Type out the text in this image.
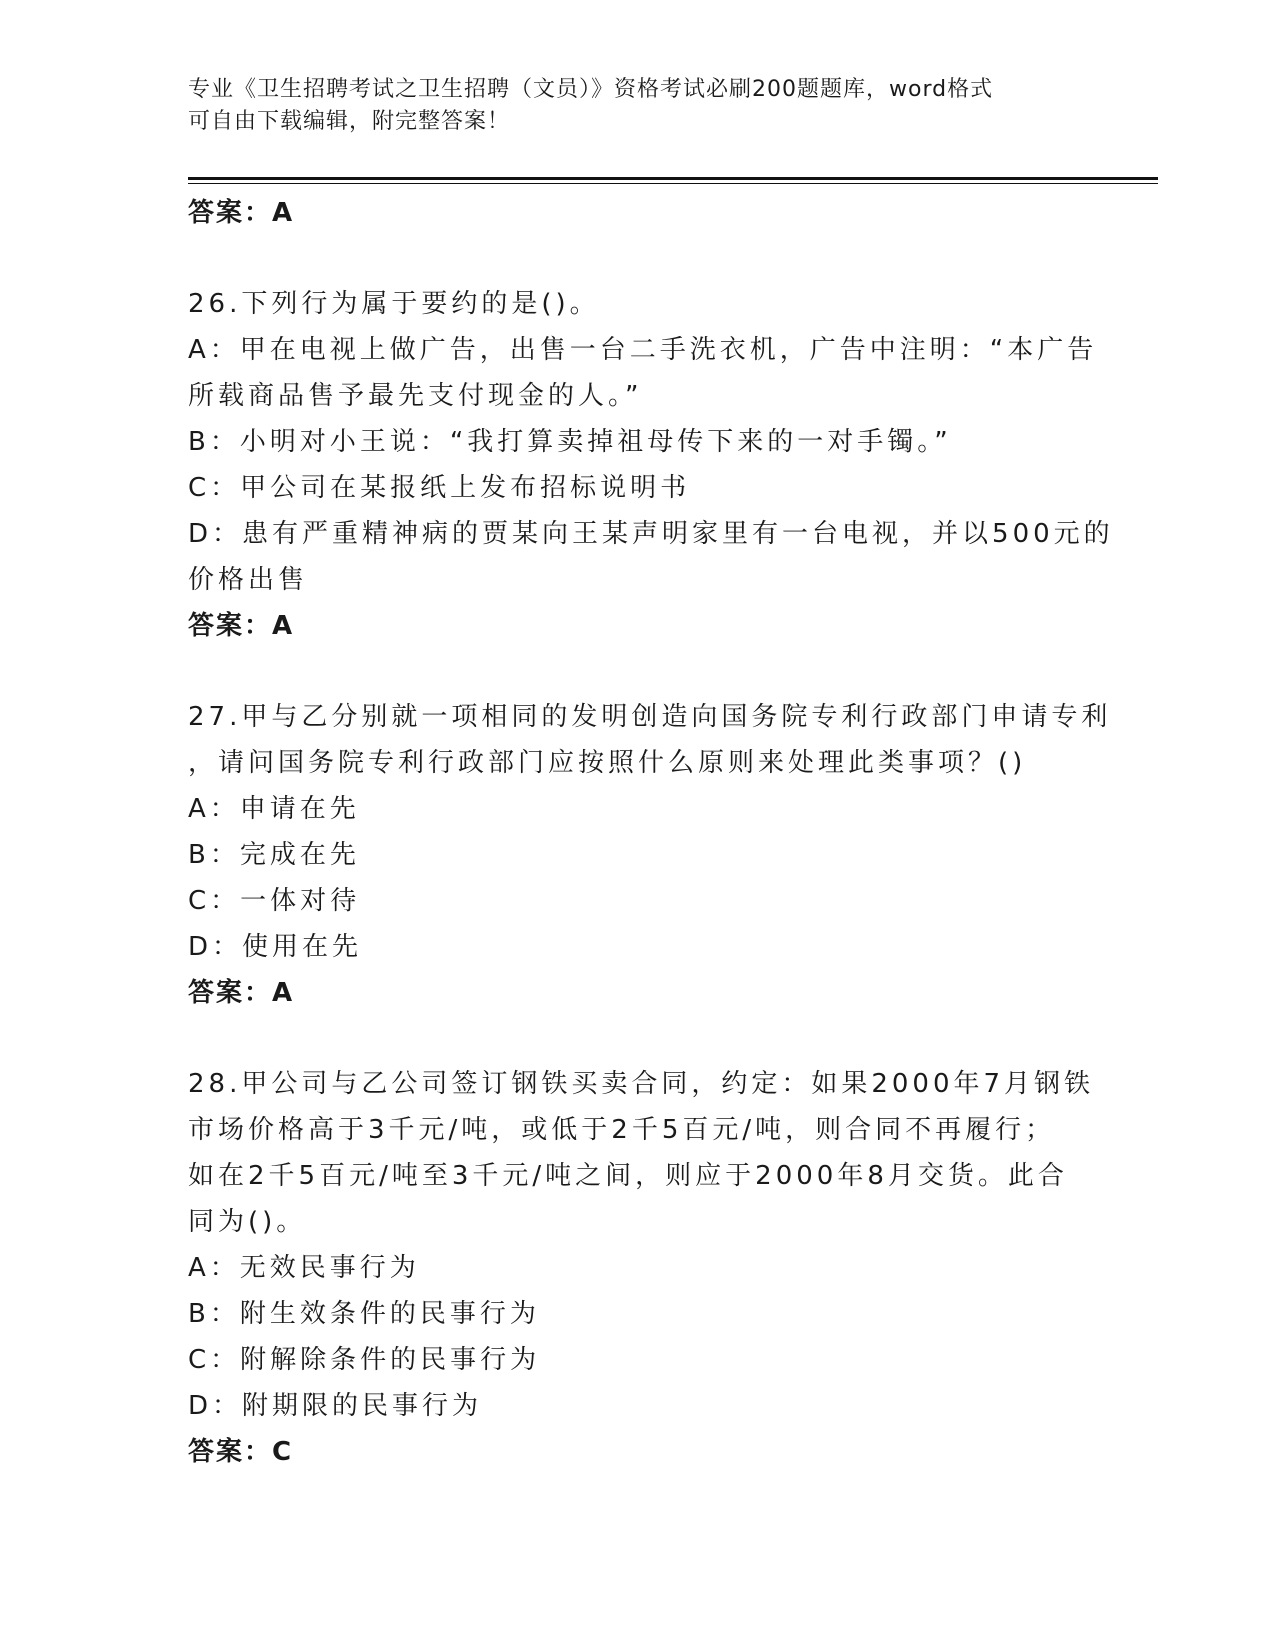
专业《卫生招聘考试之卫生招聘（文员）》资格考试必刷200题题库，word格式
可自由下载编辑，附完整答案！
答案：A
26.下列行为属于要约的是()。
A：甲在电视上做广告，出售一台二手洗衣机，广告中注明：“本广告
所载商品售予最先支付现金的人。”
B：小明对小王说：“我打算卖掉祖母传下来的一对手镯。”
C：甲公司在某报纸上发布招标说明书
D：患有严重精神病的贾某向王某声明家里有一台电视，并以500元的
价格出售
答案：A
27.甲与乙分别就一项相同的发明创造向国务院专利行政部门申请专利
，请问国务院专利行政部门应按照什么原则来处理此类事项？()
A：申请在先
B：完成在先
C：一体对待
D：使用在先
答案：A
28.甲公司与乙公司签订钢铁买卖合同，约定：如果2000年7月钢铁
市场价格高于3千元/吨，或低于2千5百元/吨，则合同不再履行；
如在2千5百元/吨至3千元/吨之间，则应于2000年8月交货。此合
同为()。
A：无效民事行为
B：附生效条件的民事行为
C：附解除条件的民事行为
D：附期限的民事行为
答案：C
